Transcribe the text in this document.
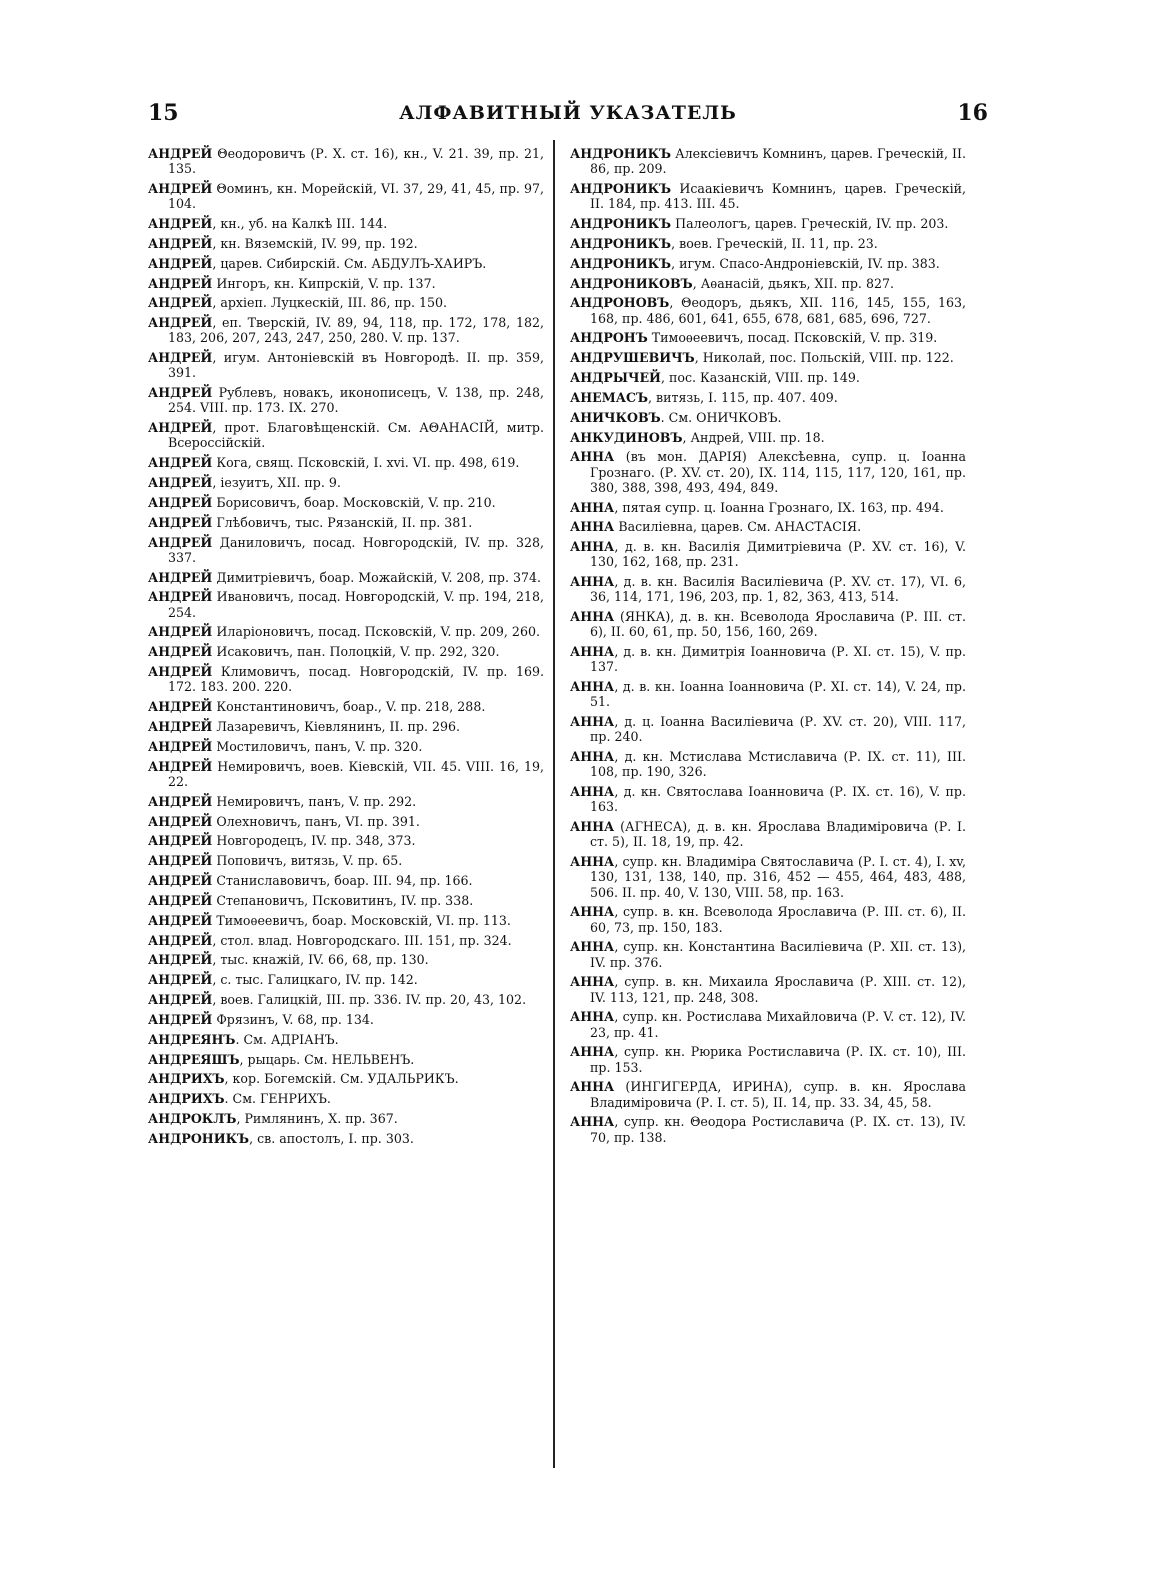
15	АЛФАВИТНЫЙ УКАЗАТЕЛЬ	16

АНДРЕЙ Θеодоровичъ (Р. X. ст. 16), кн., V. 21. 39, пр. 21, 135.

АНДРЕЙ Θоминъ, кн. Морейскій, VI. 37, 29, 41, 45, пр. 97, 104.

АНДРЕЙ, кн., уб. на Калкѣ III. 144.

АНДРЕЙ, кн. Вяземскій, IV. 99, пр. 192.

АНДРЕЙ, царев. Сибирскій. См. АБДУЛЪ-ХАИРЪ.

АНДРЕЙ Ингоръ, кн. Кипрскій, V. пр. 137.

АНДРЕЙ, архіеп. Луцкескій, III. 86, пр. 150.

АНДРЕЙ, еп. Тверскій, IV. 89, 94, 118, пр. 172, 178, 182, 183, 206, 207, 243, 247, 250, 280. V. пр. 137.

АНДРЕЙ, игум. Антоніевскій въ Новгородѣ. II. пр. 359, 391.

АНДРЕЙ Рублевъ, новакъ, иконописецъ, V. 138, пр. 248, 254. VIII. пр. 173. IX. 270.

АНДРЕЙ, прот. Благовѣщенскій. См. АΘАНАСІЙ, митр. Всероссійскій.

АНДРЕЙ Кога, свящ. Псковскій, I. xvi. VI. пр. 498, 619.

АНДРЕЙ, іезуитъ, XII. пр. 9.

АНДРЕЙ Борисовичъ, боар. Московскій, V. пр. 210.

АНДРЕЙ Глѣбовичъ, тыс. Рязанскій, II. пр. 381.

АНДРЕЙ Даниловичъ, посад. Новгородскій, IV. пр. 328, 337.

АНДРЕЙ Димитріевичъ, боар. Можайскій, V. 208, пр. 374.

АНДРЕЙ Ивановичъ, посад. Новгородскій, V. пр. 194, 218, 254.

АНДРЕЙ Иларіоновичъ, посад. Псковскій, V. пр. 209, 260.

АНДРЕЙ Исаковичъ, пан. Полоцкій, V. пр. 292, 320.

АНДРЕЙ Климовичъ, посад. Новгородскій, IV. пр. 169. 172. 183. 200. 220.

АНДРЕЙ Константиновичъ, боар., V. пр. 218, 288.

АНДРЕЙ Лазаревичъ, Кіевлянинъ, II. пр. 296.

АНДРЕЙ Мостиловичъ, панъ, V. пр. 320.

АНДРЕЙ Немировичъ, воев. Кіевскій, VII. 45. VIII. 16, 19, 22.

АНДРЕЙ Немировичъ, панъ, V. пр. 292.

АНДРЕЙ Олехновичъ, панъ, VI. пр. 391.

АНДРЕЙ Новгородецъ, IV. пр. 348, 373.

АНДРЕЙ Поповичъ, витязь, V. пр. 65.

АНДРЕЙ Станиславовичъ, боар. III. 94, пр. 166.

АНДРЕЙ Степановичъ, Псковитинъ, IV. пр. 338.

АНДРЕЙ Тимоѳеевичъ, боар. Московскій, VI. пр. 113.

АНДРЕЙ, стол. влад. Новгородскаго. III. 151, пр. 324.

АНДРЕЙ, тыс. кнажій, IV. 66, 68, пр. 130.

АНДРЕЙ, с. тыс. Галицкаго, IV. пр. 142.

АНДРЕЙ, воев. Галицкій, III. пр. 336. IV. пр. 20, 43, 102.

АНДРЕЙ Фрязинъ, V. 68, пр. 134.

АНДРЕЯНЪ. См. АДРІАНЪ.

АНДРЕЯШЪ, рыцарь. См. НЕЛЬВЕНЪ.

АНДРИХЪ, кор. Богемскій. См. УДАЛЬРИКЪ.

АНДРИХЪ. См. ГЕНРИХЪ.

АНДРОКЛЪ, Римлянинъ, X. пр. 367.

АНДРОНИКЪ, св. апостолъ, I. пр. 303.

АНДРОНИКЪ Алексіевичъ Комнинъ, царев. Греческій, II. 86, пр. 209.

АНДРОНИКЪ Исаакіевичъ Комнинъ, царев. Греческій, II. 184, пр. 413. III. 45.

АНДРОНИКЪ Палеологъ, царев. Греческій, IV. пр. 203.

АНДРОНИКЪ, воев. Греческій, II. 11, пр. 23.

АНДРОНИКЪ, игум. Спасо-Андроніевскій, IV. пр. 383.

АНДРОНИКОВЪ, Аѳанасій, дьякъ, XII. пр. 827.

АНДРОНОВЪ, Θеодоръ, дьякъ, XII. 116, 145, 155, 163, 168, пр. 486, 601, 641, 655, 678, 681, 685, 696, 727.

АНДРОНЪ Тимоѳеевичъ, посад. Псковскій, V. пр. 319.

АНДРУШЕВИЧЪ, Николай, пос. Польскій, VIII. пр. 122.

АНДРЫЧЕЙ, пос. Казанскій, VIII. пр. 149.

АНЕМАСЪ, витязь, I. 115, пр. 407. 409.

АНИЧКОВЪ. См. ОНИЧКОВЪ.

АНКУДИНОВЪ, Андрей, VIII. пр. 18.

АННА (въ мон. ДАРІЯ) Алексѣевна, супр. ц. Іоанна Грознаго. (Р. XV. ст. 20), IX. 114, 115, 117, 120, 161, пр. 380, 388, 398, 493, 494, 849.

АННА, пятая супр. ц. Іоанна Грознаго, IX. 163, пр. 494.

АННА Василіевна, царев. См. АНАСТАСІЯ.

АННА, д. в. кн. Василія Димитріевича (Р. XV. ст. 16), V. 130, 162, 168, пр. 231.

АННА, д. в. кн. Василія Василіевича (Р. XV. ст. 17), VI. 6, 36, 114, 171, 196, 203, пр. 1, 82, 363, 413, 514.

АННА (ЯНКА), д. в. кн. Всеволода Ярославича (Р. III. ст. 6), II. 60, 61, пр. 50, 156, 160, 269.

АННА, д. в. кн. Димитрія Іоанновича (Р. XI. ст. 15), V. пр. 137.

АННА, д. в. кн. Іоанна Іоанновича (Р. XI. ст. 14), V. 24, пр. 51.

АННА, д. ц. Іоанна Василіевича (Р. XV. ст. 20), VIII. 117, пр. 240.

АННА, д. кн. Мстислава Мстиславича (Р. IX. ст. 11), III. 108, пр. 190, 326.

АННА, д. кн. Святослава Іоанновича (Р. IX. ст. 16), V. пр. 163.

АННА (АГНЕСА), д. в. кн. Ярослава Владиміровича (Р. I. ст. 5), II. 18, 19, пр. 42.

АННА, супр. кн. Владиміра Святославича (Р. I. ст. 4), I. xv, 130, 131, 138, 140, пр. 316, 452 — 455, 464, 483, 488, 506. II. пр. 40, V. 130, VIII. 58, пр. 163.

АННА, супр. в. кн. Всеволода Ярославича (Р. III. ст. 6), II. 60, 73, пр. 150, 183.

АННА, супр. кн. Константина Василіевича (Р. XII. ст. 13), IV. пр. 376.

АННА, супр. в. кн. Михаила Ярославича (Р. XIII. ст. 12), IV. 113, 121, пр. 248, 308.

АННА, супр. кн. Ростислава Михайловича (Р. V. ст. 12), IV. 23, пр. 41.

АННА, супр. кн. Рюрика Ростиславича (Р. IX. ст. 10), III. пр. 153.

АННА (ИНГИГЕРДА, ИРИНА), супр. в. кн. Ярослава Владиміровича (Р. I. ст. 5), II. 14, пр. 33. 34, 45, 58.

АННА, супр. кн. Θеодора Ростиславича (Р. IX. ст. 13), IV. 70, пр. 138.
